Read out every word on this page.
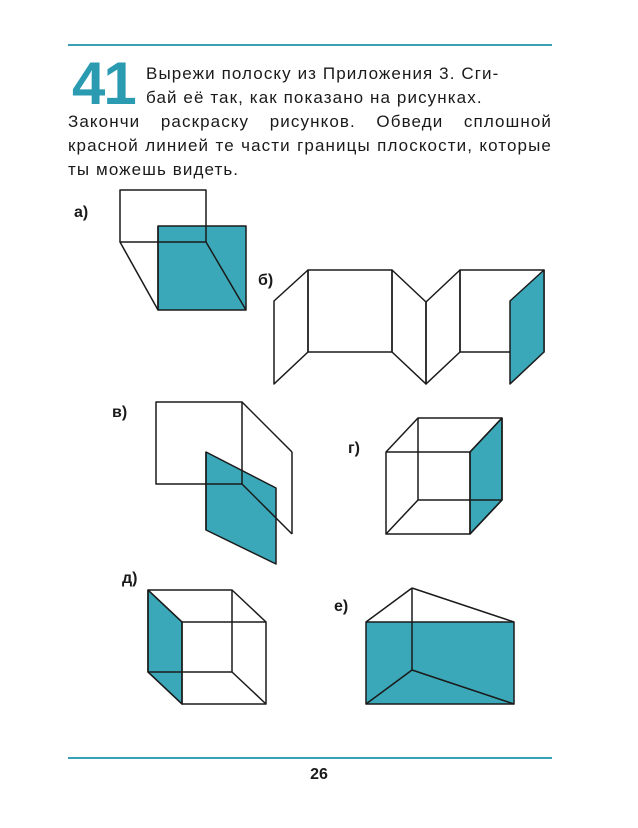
41 Вырежи полоску из Приложения 3. Сги-

бай её так, как показано на рисунках.

Закончи раскраску рисунков. Обведи сплошной красной линией те части границы плоскости, которые ты можешь видеть.

а)
б)
в)
г)
д)
е)
26
